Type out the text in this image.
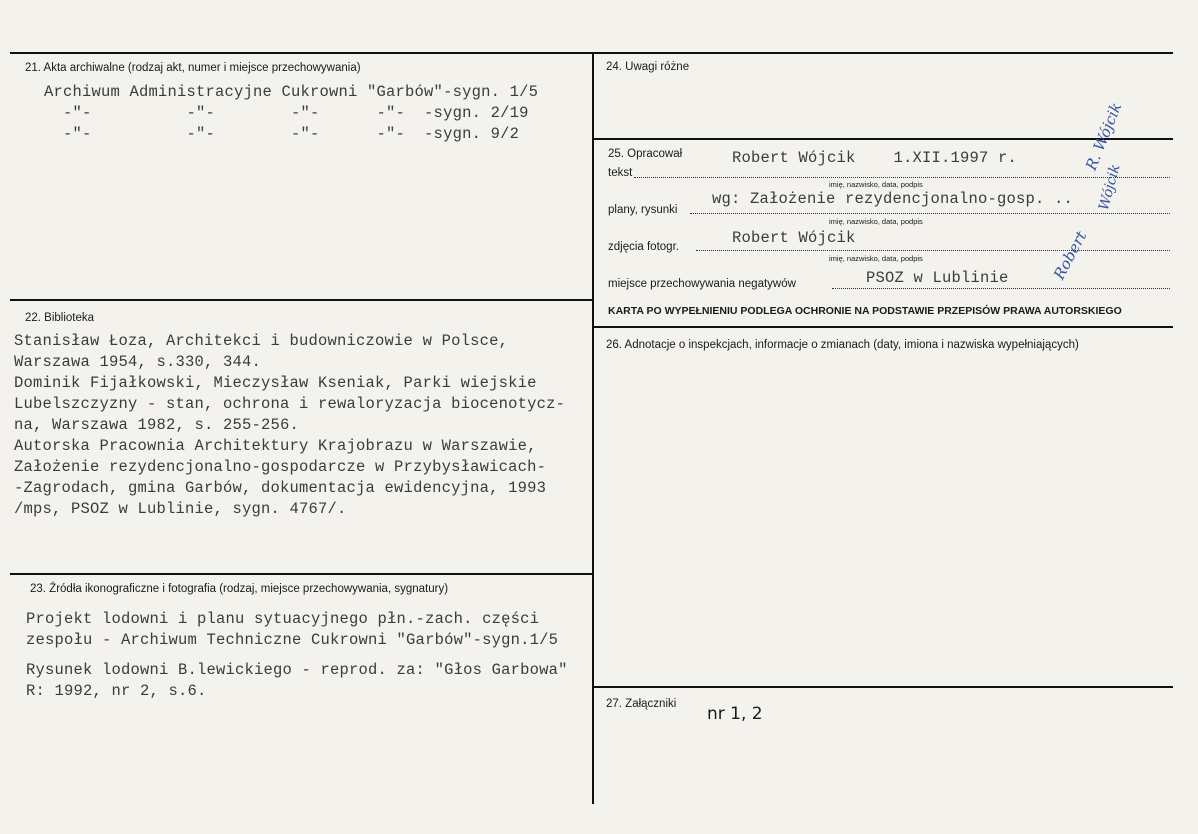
21. Akta archiwalne (rodzaj akt, numer i miejsce przechowywania)
Archiwum Administracyjne Cukrowni "Garbów"-sygn. 1/5
-"-          -"-        -"-      -"-  -sygn. 2/19
-"-          -"-        -"-      -"-  -sygn. 9/2
22. Biblioteka
Stanisław Łoza, Architekci i budowniczowie w Polsce,
Warszawa 1954, s.330, 344.
Dominik Fijałkowski, Mieczysław Kseniak, Parki wiejskie
Lubelszczyzny - stan, ochrona i rewaloryzacja biocenotycz-
na, Warszawa 1982, s. 255-256.
Autorska Pracownia Architektury Krajobrazu w Warszawie,
Założenie rezydencjonalno-gospodarcze w Przybysławicach-
-Zagrodach, gmina Garbów, dokumentacja ewidencyjna, 1993
/mps, PSOZ w Lublinie, sygn. 4767/.
23. Źródła ikonograficzne i fotografia (rodzaj, miejsce przechowywania, sygnatury)
Projekt lodowni i planu sytuacyjnego płn.-zach. części
zespołu - Archiwum Techniczne Cukrowni "Garbów"-sygn.1/5
Rysunek lodowni B.lewickiego - reprod. za: "Głos Garbowa"
R: 1992, nr 2, s.6.
24. Uwagi różne
25. Opracował
tekst
Robert Wójcik    1.XII.1997 r.
imię, nazwisko, data, podpis
plany, rysunki
wg: Założenie rezydencjonalno-gosp. ..
imię, nazwisko, data, podpis
zdjęcia fotogr.	Robert Wójcik
imię, nazwisko, data, podpis
miejsce przechowywania negatywów	PSOZ w Lublinie
KARTA PO WYPEŁNIENIU PODLEGA OCHRONIE NA PODSTAWIE PRZEPISÓW PRAWA AUTORSKIEGO
R. Wójcik
Wójcik
Robert
26. Adnotacje o inspekcjach, informacje o zmianach (daty, imiona i nazwiska wypełniających)
27. Załączniki nr 1, 2
